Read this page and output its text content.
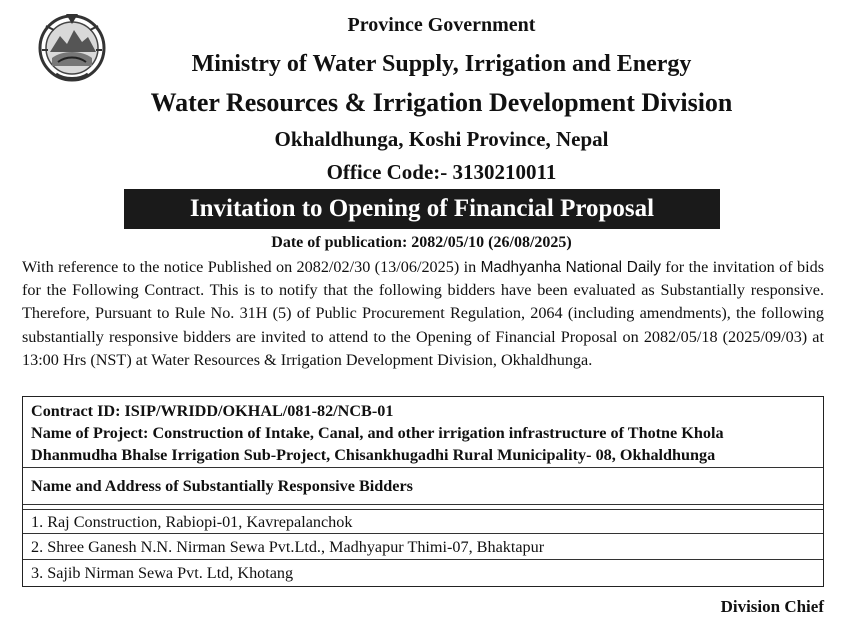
Province Government
Ministry of Water Supply, Irrigation and Energy
Water Resources & Irrigation Development Division
Okhaldhunga, Koshi Province, Nepal
Office Code:- 3130210011
Invitation to Opening of Financial Proposal
Date of publication: 2082/05/10 (26/08/2025)
With reference to the notice Published on 2082/02/30 (13/06/2025) in Madhyanha National Daily for the invitation of bids for the Following Contract. This is to notify that the following bidders have been evaluated as Substantially responsive. Therefore, Pursuant to Rule No. 31H (5) of Public Procurement Regulation, 2064 (including amendments), the following substantially responsive bidders are invited to attend to the Opening of Financial Proposal on 2082/05/18 (2025/09/03) at 13:00 Hrs (NST) at Water Resources & Irrigation Development Division, Okhaldhunga.
Contract ID: ISIP/WRIDD/OKHAL/081-82/NCB-01
Name of Project: Construction of Intake, Canal, and other irrigation infrastructure of Thotne Khola
Dhanmudha Bhalse Irrigation Sub-Project, Chisankhugadhi Rural Municipality- 08, Okhaldhunga
Name and Address of Substantially Responsive Bidders
1. Raj Construction, Rabiopi-01, Kavrepalanchok
2. Shree Ganesh N.N. Nirman Sewa Pvt.Ltd., Madhyapur Thimi-07, Bhaktapur
3. Sajib Nirman Sewa Pvt. Ltd, Khotang
Division Chief
